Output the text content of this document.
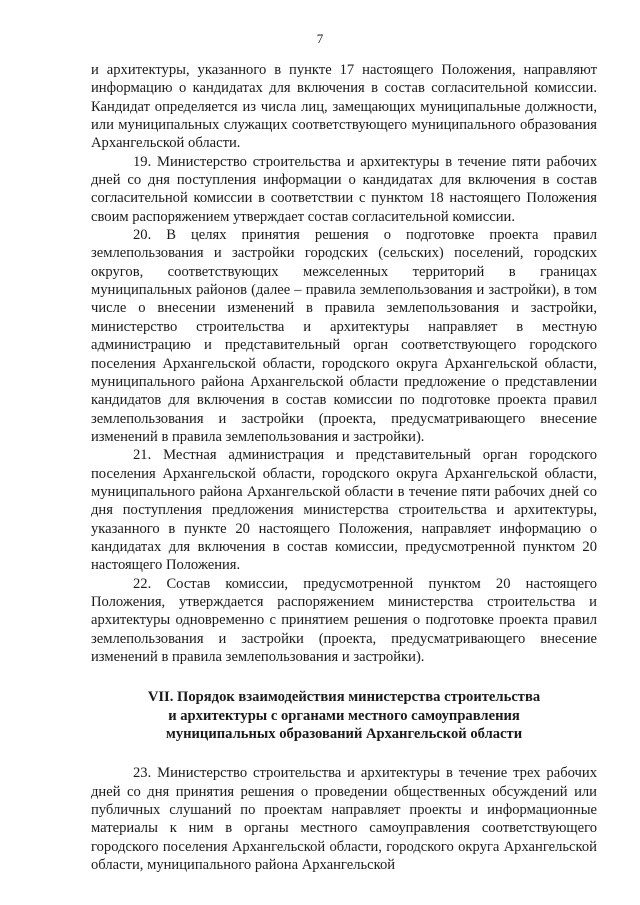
7

и архитектуры, указанного в пункте 17 настоящего Положения, направляют информацию о кандидатах для включения в состав согласительной комиссии. Кандидат определяется из числа лиц, замещающих муниципальные должности, или муниципальных служащих соответствующего муниципального образования Архангельской области.

19. Министерство строительства и архитектуры в течение пяти рабочих дней со дня поступления информации о кандидатах для включения в состав согласительной комиссии в соответствии с пунктом 18 настоящего Положения своим распоряжением утверждает состав согласительной комиссии.

20. В целях принятия решения о подготовке проекта правил землепользования и застройки городских (сельских) поселений, городских округов, соответствующих межселенных территорий в границах муниципальных районов (далее – правила землепользования и застройки), в том числе о внесении изменений в правила землепользования и застройки, министерство строительства и архитектуры направляет в местную администрацию и представительный орган соответствующего городского поселения Архангельской области, городского округа Архангельской области, муниципального района Архангельской области предложение о представлении кандидатов для включения в состав комиссии по подготовке проекта правил землепользования и застройки (проекта, предусматривающего внесение изменений в правила землепользования и застройки).

21. Местная администрация и представительный орган городского поселения Архангельской области, городского округа Архангельской области, муниципального района Архангельской области в течение пяти рабочих дней со дня поступления предложения министерства строительства и архитектуры, указанного в пункте 20 настоящего Положения, направляет информацию о кандидатах для включения в состав комиссии, предусмотренной пунктом 20 настоящего Положения.

22. Состав комиссии, предусмотренной пунктом 20 настоящего Положения, утверждается распоряжением министерства строительства и архитектуры одновременно с принятием решения о подготовке проекта правил землепользования и застройки (проекта, предусматривающего внесение изменений в правила землепользования и застройки).

VII. Порядок взаимодействия министерства строительства
и архитектуры с органами местного самоуправления
муниципальных образований Архангельской области

23. Министерство строительства и архитектуры в течение трех рабочих дней со дня принятия решения о проведении общественных обсуждений или публичных слушаний по проектам направляет проекты и информационные материалы к ним в органы местного самоуправления соответствующего городского поселения Архангельской области, городского округа Архангельской области, муниципального района Архангельской
